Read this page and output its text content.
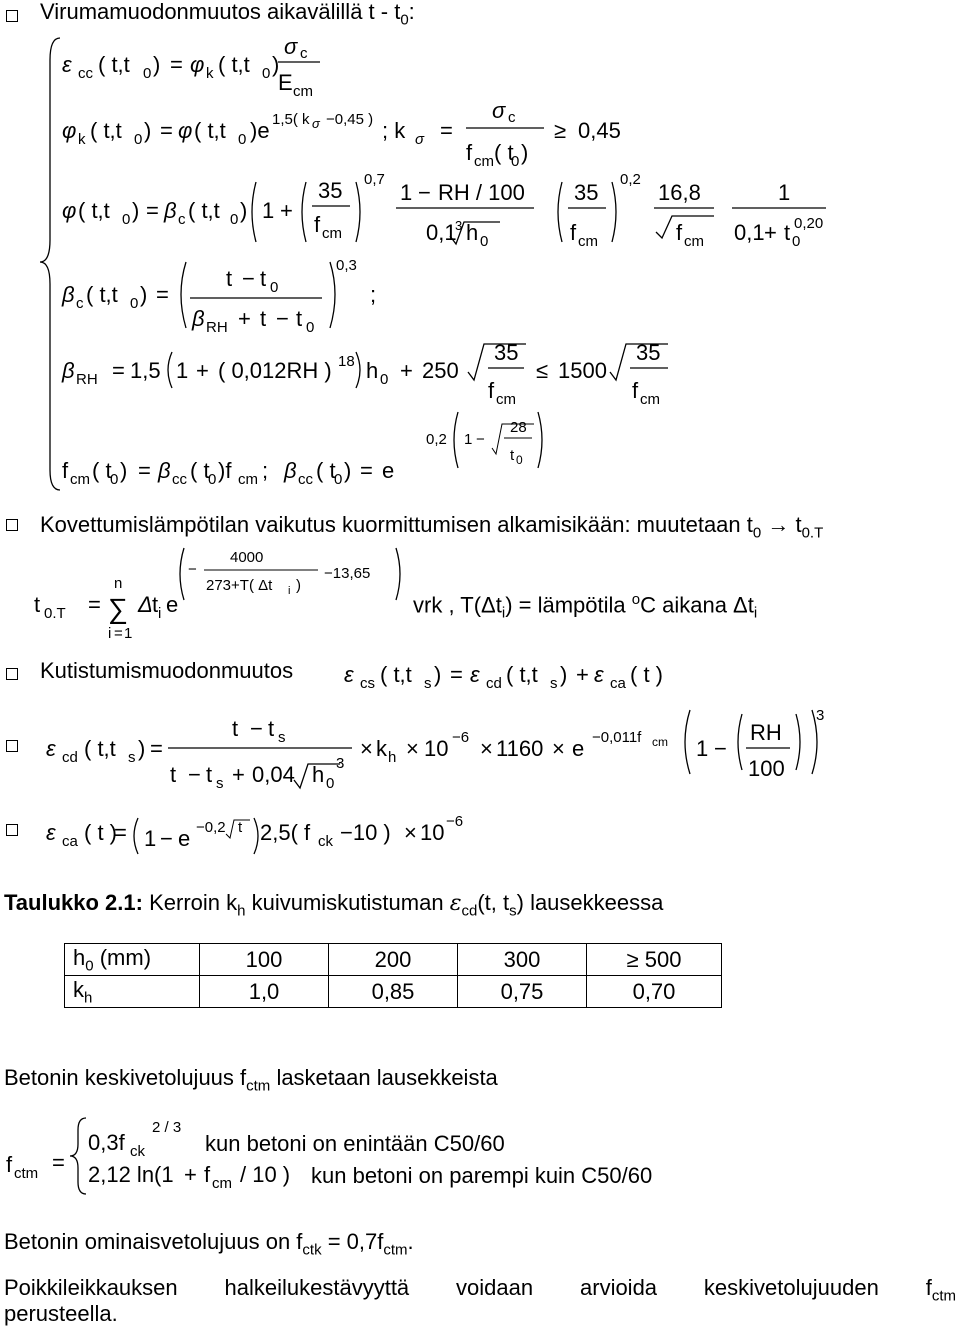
Virumamuodonmuutos aikavälillä t - $t_0$:
Kovettumislämpötilan vaikutus kuormittumisen alkamisikään: muutetaan $t_0 \to t_{0.T}$
vrk , $T(\Delta t_i)$ = lämpötila $^o$C aikana $\Delta t_i$
Kutistumismuodonmuutos
Taulukko 2.1: Kerroin $k_h$ kuivumiskutistuman $\varepsilon_{cd}(t$, $t_s$) lausekkeessa
$h_0$ (mm)	100	200	300	≥ 500
$k_h$	1,0	0,85	0,75	0,70
Betonin keskivetolujuus $f_{ctm}$ lasketaan lausekkeista
kun betoni on enintään C50/60
kun betoni on parempi kuin C50/60
Betonin ominaisvetolujuus on $f_{ctk} = 0,7f_{ctm}$.
Poikkileikkauksen halkeilukestävyyttä voidaan arvioida keskivetolujuuden $f_{ctm}$
perusteella.
ε cc ( t,t 0 ) = φ k ( t,t 0 )
σ c
E cm
φ k ( t,t 0 ) = φ ( t,t 0 )e 1,5( k σ −0,45 ) ; k σ =
σ c
f cm ( t
0 )
≥ 0,45
φ ( t,t 0 ) = β c ( t,t 0 ) 1 +
35
f cm
0,7
1 − RH / 100
0,1
3 h 0
35
f cm
0,2
16,8
f cm
1
0,1 + t 0,20
0
β c ( t,t 0 ) =
t − t 0
β RH + t − t 0
0,3
;
β RH = 1,5 1 + ( 0,012RH ) 18 h 0 + 250
35
f cm
≤ 1500
35
f cm
f cm ( t
0 ) = β cc ( t
0 )f cm ; β cc ( t
0 ) = e
0,2 1 −
28
t 0
t 0.T =
n
∑
i = 1
Δ t i e
−
4000
273+T( Δt i )
−13,65
ε cs ( t,t s ) = ε cd ( t,t s ) + ε ca ( t )
ε cd ( t,t s ) =
t − t s
t − t s + 0,04	3
h 0
× k h × 10 −6 × 1160 × e −0,011f cm 1 −
RH
100
3
ε ca ( t )
= 1 − e −0,2 t 2,5( f ck −10 ) × 10 −6
f ctm =
0,3f ck
2 / 3
2,12 ln(1 + f cm / 10 )
